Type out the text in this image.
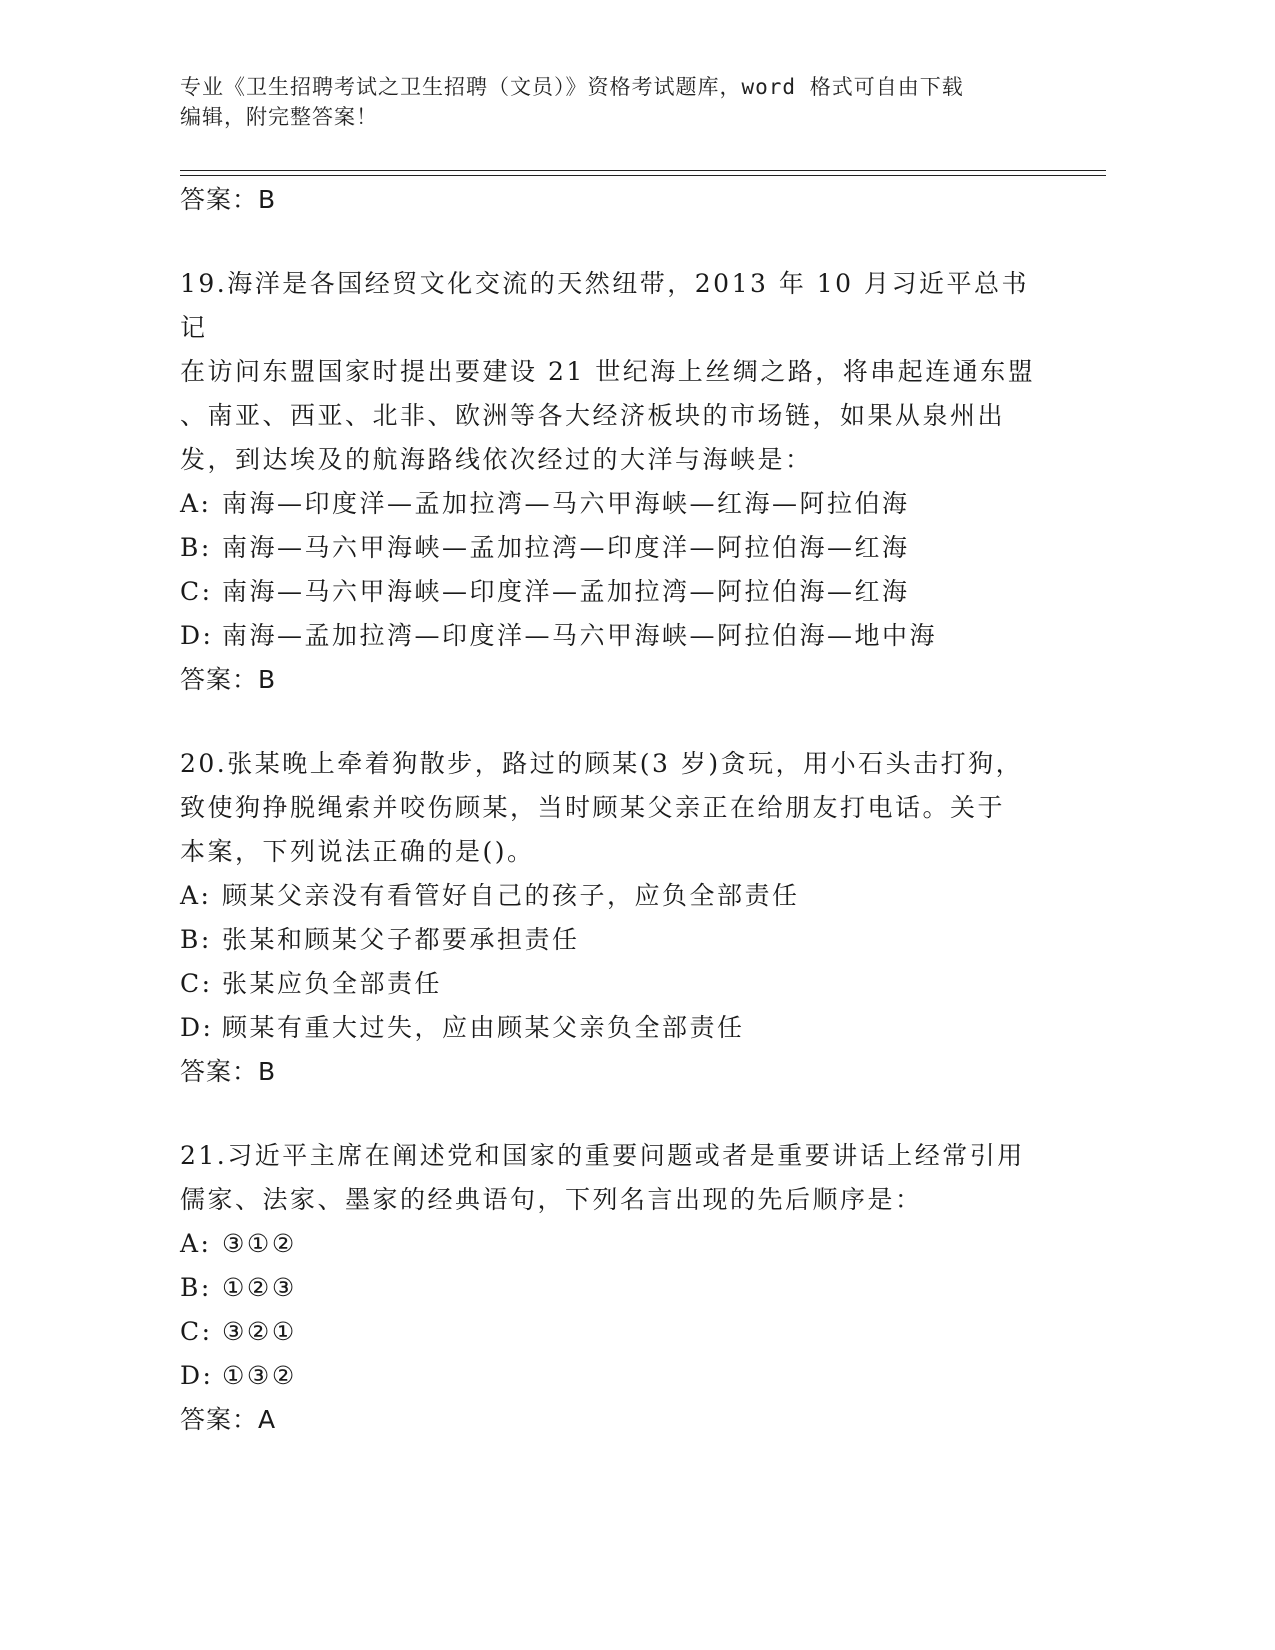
专业《卫生招聘考试之卫生招聘（文员）》资格考试题库，word 格式可自由下载
编辑，附完整答案！

答案：B

19.海洋是各国经贸文化交流的天然纽带，2013 年 10 月习近平总书记

在访问东盟国家时提出要建设 21 世纪海上丝绸之路，将串起连通东盟

、南亚、西亚、北非、欧洲等各大经济板块的市场链，如果从泉州出

发，到达埃及的航海路线依次经过的大洋与海峡是：

A: 南海—印度洋—孟加拉湾—马六甲海峡—红海—阿拉伯海

B: 南海—马六甲海峡—孟加拉湾—印度洋—阿拉伯海—红海

C: 南海—马六甲海峡—印度洋—孟加拉湾—阿拉伯海—红海

D: 南海—孟加拉湾—印度洋—马六甲海峡—阿拉伯海—地中海

答案：B

20.张某晚上牵着狗散步，路过的顾某(3 岁)贪玩，用小石头击打狗，

致使狗挣脱绳索并咬伤顾某，当时顾某父亲正在给朋友打电话。关于

本案，下列说法正确的是()。

A: 顾某父亲没有看管好自己的孩子，应负全部责任

B: 张某和顾某父子都要承担责任

C: 张某应负全部责任

D: 顾某有重大过失，应由顾某父亲负全部责任

答案：B

21.习近平主席在阐述党和国家的重要问题或者是重要讲话上经常引用

儒家、法家、墨家的经典语句，下列名言出现的先后顺序是：

A: ③①②

B: ①②③

C: ③②①

D: ①③②

答案：A
